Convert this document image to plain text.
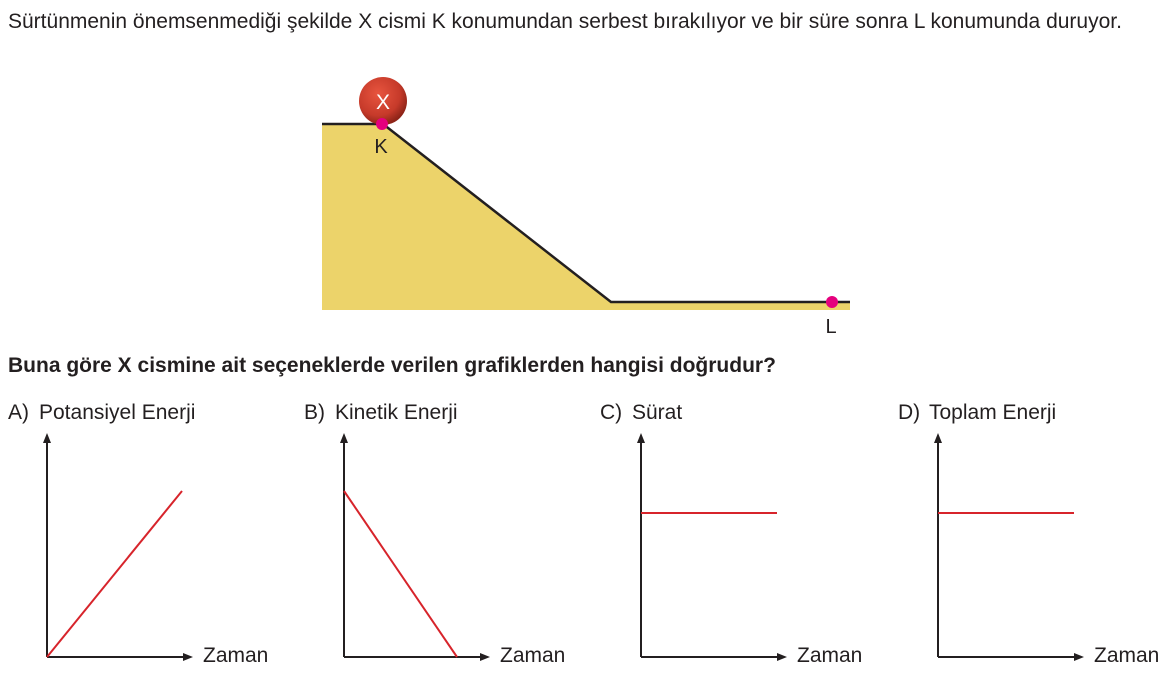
Sürtünmenin önemsenmediği şekilde X cismi K konumundan serbest bırakılıyor ve bir süre sonra L konumunda duruyor.

X
K
L

Buna göre X cismine ait seçeneklerde verilen grafiklerden hangisi doğrudur?

A) Potansiyel Enerji
Zaman
B) Kinetik Enerji
Zaman
C) Sürat
Zaman
D) Toplam Enerji
Zaman
